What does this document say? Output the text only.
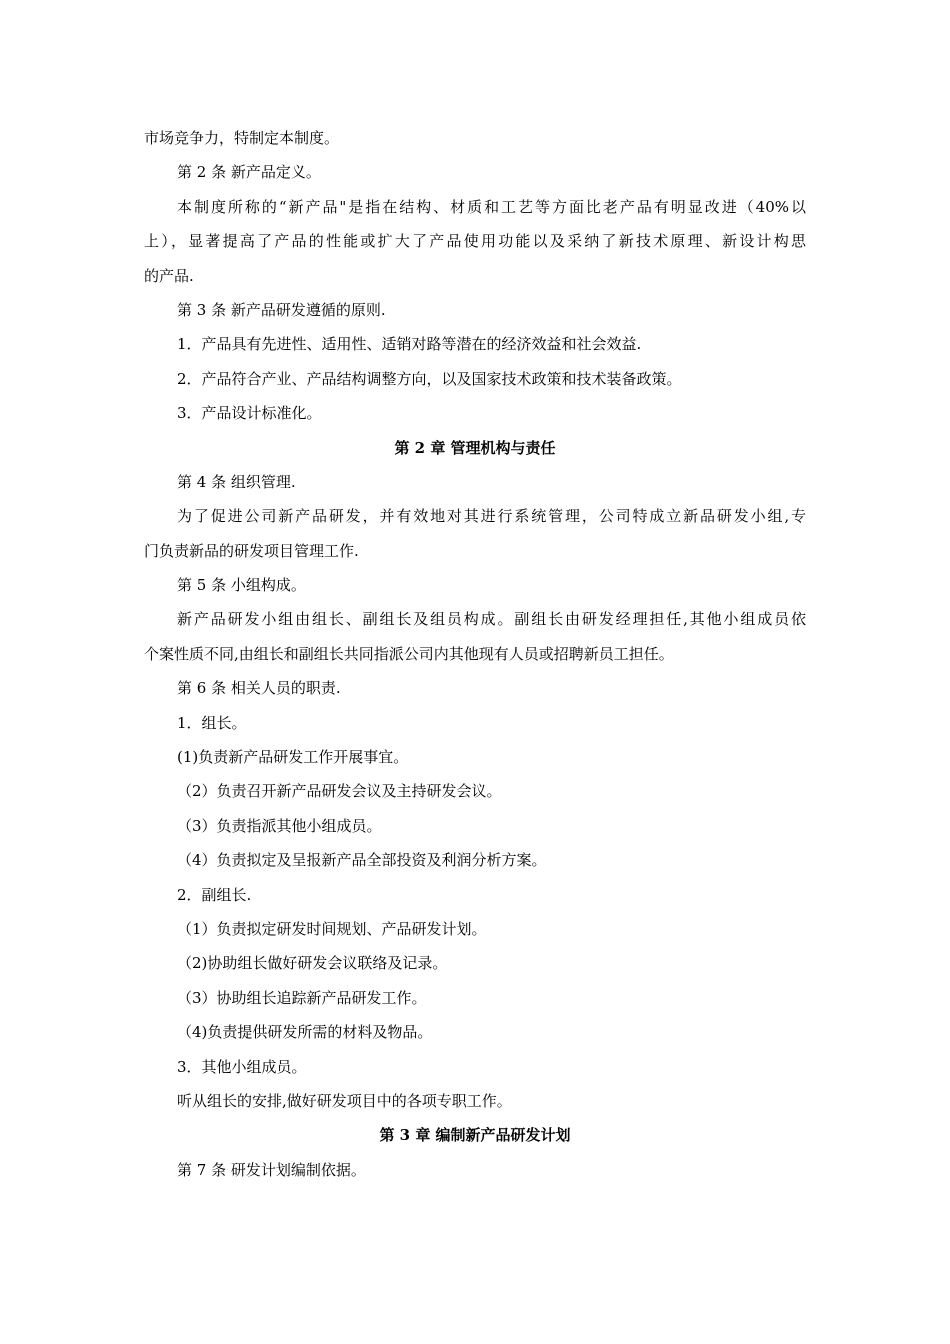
市场竞争力，特制定本制度。
第 2 条 新产品定义。
本制度所称的“新产品"是指在结构、材质和工艺等方面比老产品有明显改进（40%以
上），显著提高了产品的性能或扩大了产品使用功能以及采纳了新技术原理、新设计构思
的产品.
第 3 条 新产品研发遵循的原则.
1．产品具有先进性、适用性、适销对路等潜在的经济效益和社会效益.
2．产品符合产业、产品结构调整方向，以及国家技术政策和技术装备政策。
3．产品设计标准化。
第 2 章 管理机构与责任
第 4 条 组织管理.
为了促进公司新产品研发，并有效地对其进行系统管理，公司特成立新品研发小组,专
门负责新品的研发项目管理工作.
第 5 条 小组构成。
新产品研发小组由组长、副组长及组员构成。副组长由研发经理担任,其他小组成员依
个案性质不同,由组长和副组长共同指派公司内其他现有人员或招聘新员工担任。
第 6 条 相关人员的职责.
1．组长。
(1)负责新产品研发工作开展事宜。
（2）负责召开新产品研发会议及主持研发会议。
（3）负责指派其他小组成员。
（4）负责拟定及呈报新产品全部投资及利润分析方案。
2．副组长.
（1）负责拟定研发时间规划、产品研发计划。
（2)协助组长做好研发会议联络及记录。
（3）协助组长追踪新产品研发工作。
（4)负责提供研发所需的材料及物品。
3．其他小组成员。
听从组长的安排,做好研发项目中的各项专职工作。
第 3 章 编制新产品研发计划
第 7 条 研发计划编制依据。
